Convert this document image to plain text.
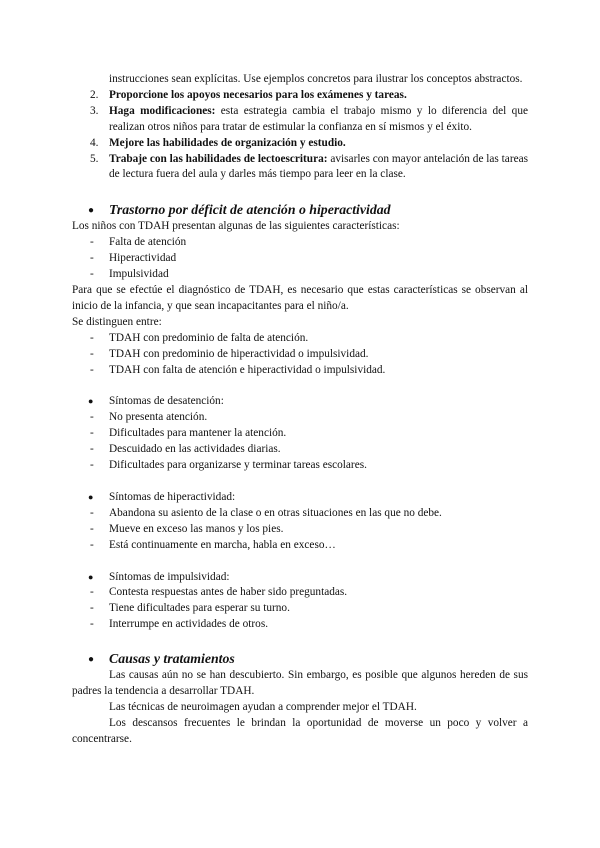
instrucciones sean explícitas. Use ejemplos concretos para ilustrar los conceptos abstractos.
2. Proporcione los apoyos necesarios para los exámenes y tareas.
3. Haga modificaciones: esta estrategia cambia el trabajo mismo y lo diferencia del que realizan otros niños para tratar de estimular la confianza en sí mismos y el éxito.
4. Mejore las habilidades de organización y estudio.
5. Trabaje con las habilidades de lectoescritura: avisarles con mayor antelación de las tareas de lectura fuera del aula y darles más tiempo para leer en la clase.
● Trastorno por déficit de atención o hiperactividad
Los niños con TDAH presentan algunas de las siguientes características:
- Falta de atención
- Hiperactividad
- Impulsividad
Para que se efectúe el diagnóstico de TDAH, es necesario que estas características se observan al inicio de la infancia, y que sean incapacitantes para el niño/a.
Se distinguen entre:
- TDAH con predominio de falta de atención.
- TDAH con predominio de hiperactividad o impulsividad.
- TDAH con falta de atención e hiperactividad o impulsividad.
● Síntomas de desatención:
- No presenta atención.
- Dificultades para mantener la atención.
- Descuidado en las actividades diarias.
- Dificultades para organizarse y terminar tareas escolares.
● Síntomas de hiperactividad:
- Abandona su asiento de la clase o en otras situaciones en las que no debe.
- Mueve en exceso las manos y los pies.
- Está continuamente en marcha, habla en exceso…
● Síntomas de impulsividad:
- Contesta respuestas antes de haber sido preguntadas.
- Tiene dificultades para esperar su turno.
- Interrumpe en actividades de otros.
● Causas y tratamientos
Las causas aún no se han descubierto. Sin embargo, es posible que algunos hereden de sus padres la tendencia a desarrollar TDAH.
Las técnicas de neuroimagen ayudan a comprender mejor el TDAH.
Los descansos frecuentes le brindan la oportunidad de moverse un poco y volver a concentrarse.
